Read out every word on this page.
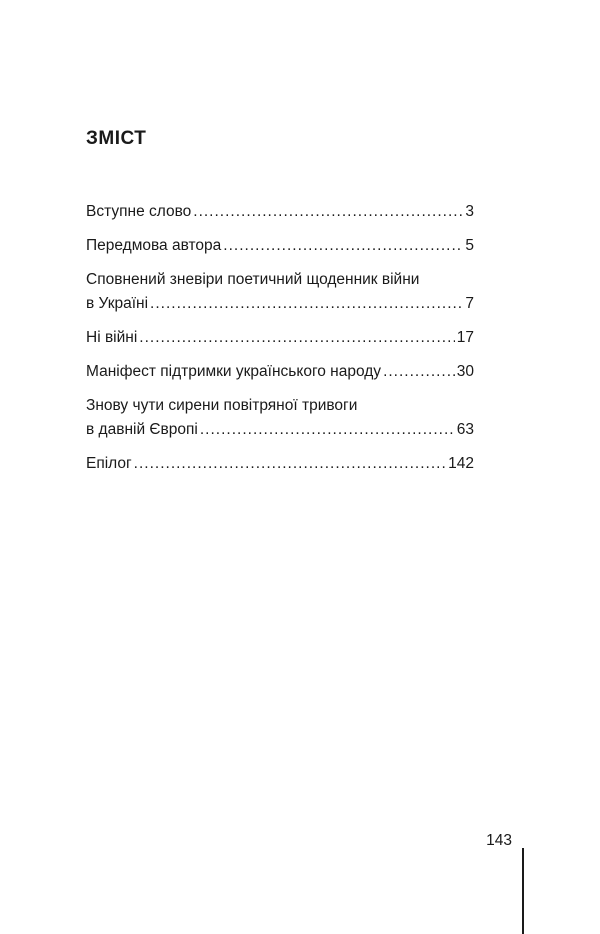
ЗМІСТ
Вступне слово .....	3
Передмова автора .....	5
Сповнений зневіри поетичний щоденник війни
в Україні .....	7
Ні війні .....	17
Маніфест підтримки українського народу .....	30
Знову чути сирени повітряної тривоги
в давній Європі .....	63
Епілог .....	142
143
